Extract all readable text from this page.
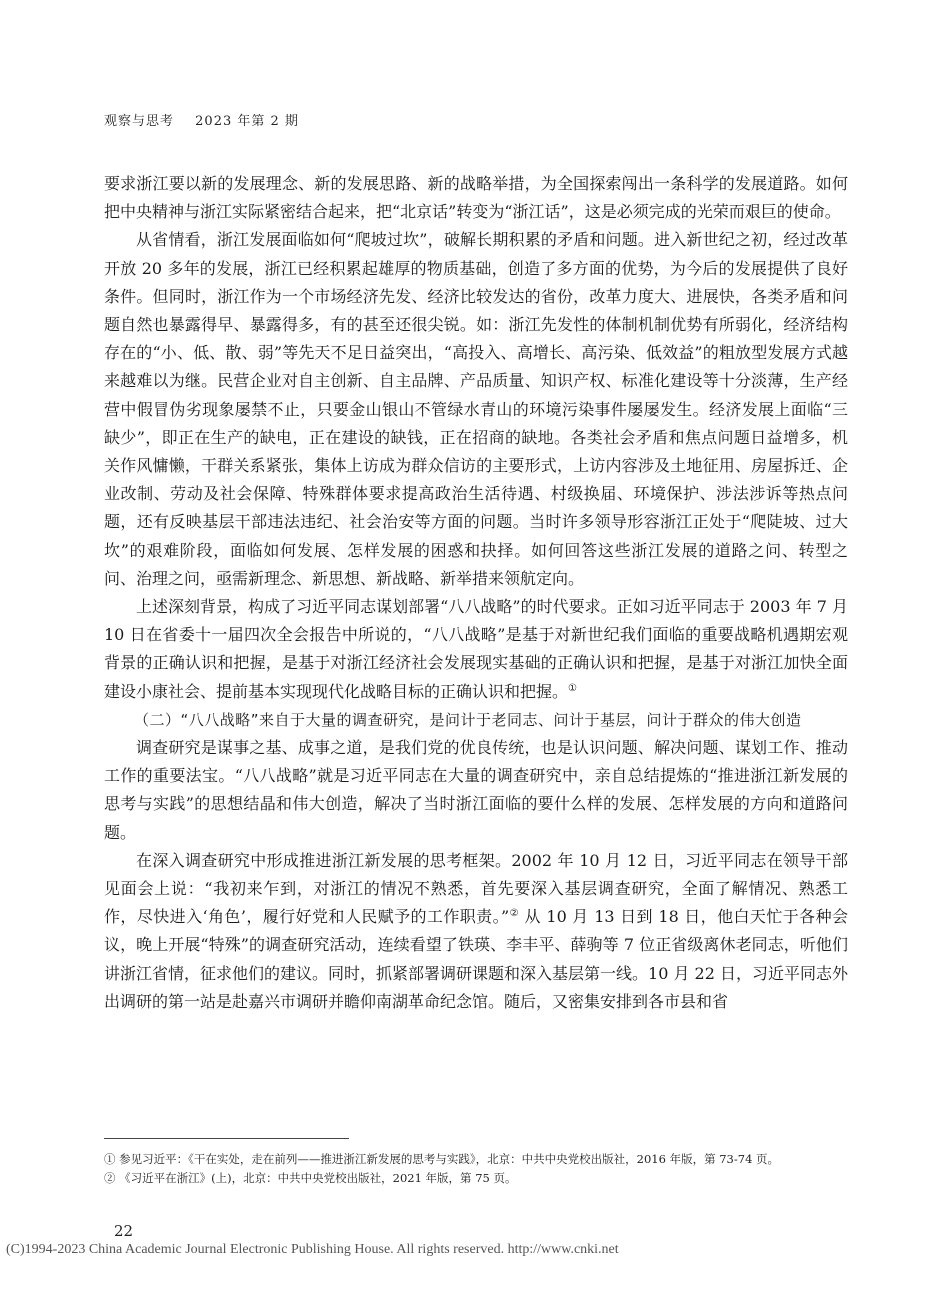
观察与思考 2023 年第 2 期

要求浙江要以新的发展理念、新的发展思路、新的战略举措，为全国探索闯出一条科学的发展道路。如何把中央精神与浙江实际紧密结合起来，把“北京话”转变为“浙江话”，这是必须完成的光荣而艰巨的使命。

从省情看，浙江发展面临如何“爬坡过坎”，破解长期积累的矛盾和问题。进入新世纪之初，经过改革开放 20 多年的发展，浙江已经积累起雄厚的物质基础，创造了多方面的优势，为今后的发展提供了良好条件。但同时，浙江作为一个市场经济先发、经济比较发达的省份，改革力度大、进展快，各类矛盾和问题自然也暴露得早、暴露得多，有的甚至还很尖锐。如：浙江先发性的体制机制优势有所弱化，经济结构存在的“小、低、散、弱”等先天不足日益突出，“高投入、高增长、高污染、低效益”的粗放型发展方式越来越难以为继。民营企业对自主创新、自主品牌、产品质量、知识产权、标准化建设等十分淡薄，生产经营中假冒伪劣现象屡禁不止，只要金山银山不管绿水青山的环境污染事件屡屡发生。经济发展上面临“三缺少”，即正在生产的缺电，正在建设的缺钱，正在招商的缺地。各类社会矛盾和焦点问题日益增多，机关作风慵懒，干群关系紧张，集体上访成为群众信访的主要形式，上访内容涉及土地征用、房屋拆迁、企业改制、劳动及社会保障、特殊群体要求提高政治生活待遇、村级换届、环境保护、涉法涉诉等热点问题，还有反映基层干部违法违纪、社会治安等方面的问题。当时许多领导形容浙江正处于“爬陡坡、过大坎”的艰难阶段，面临如何发展、怎样发展的困惑和抉择。如何回答这些浙江发展的道路之问、转型之问、治理之问，亟需新理念、新思想、新战略、新举措来领航定向。

上述深刻背景，构成了习近平同志谋划部署“八八战略”的时代要求。正如习近平同志于 2003 年 7 月 10 日在省委十一届四次全会报告中所说的，“八八战略”是基于对新世纪我们面临的重要战略机遇期宏观背景的正确认识和把握，是基于对浙江经济社会发展现实基础的正确认识和把握，是基于对浙江加快全面建设小康社会、提前基本实现现代化战略目标的正确认识和把握。①

（二）“八八战略”来自于大量的调查研究，是问计于老同志、问计于基层，问计于群众的伟大创造

调查研究是谋事之基、成事之道，是我们党的优良传统，也是认识问题、解决问题、谋划工作、推动工作的重要法宝。“八八战略”就是习近平同志在大量的调查研究中，亲自总结提炼的“推进浙江新发展的思考与实践”的思想结晶和伟大创造，解决了当时浙江面临的要什么样的发展、怎样发展的方向和道路问题。

在深入调查研究中形成推进浙江新发展的思考框架。2002 年 10 月 12 日，习近平同志在领导干部见面会上说：“我初来乍到，对浙江的情况不熟悉，首先要深入基层调查研究，全面了解情况、熟悉工作，尽快进入‘角色’，履行好党和人民赋予的工作职责。”② 从 10 月 13 日到 18 日，他白天忙于各种会议，晚上开展“特殊”的调查研究活动，连续看望了铁瑛、李丰平、薛驹等 7 位正省级离休老同志，听他们讲浙江省情，征求他们的建议。同时，抓紧部署调研课题和深入基层第一线。10 月 22 日，习近平同志外出调研的第一站是赴嘉兴市调研并瞻仰南湖革命纪念馆。随后，又密集安排到各市县和省

① 参见习近平：《干在实处，走在前列——推进浙江新发展的思考与实践》，北京：中共中央党校出版社，2016 年版，第 73-74 页。
② 《习近平在浙江》(上)，北京：中共中央党校出版社，2021 年版，第 75 页。
22
(C)1994-2023 China Academic Journal Electronic Publishing House. All rights reserved. http://www.cnki.net
